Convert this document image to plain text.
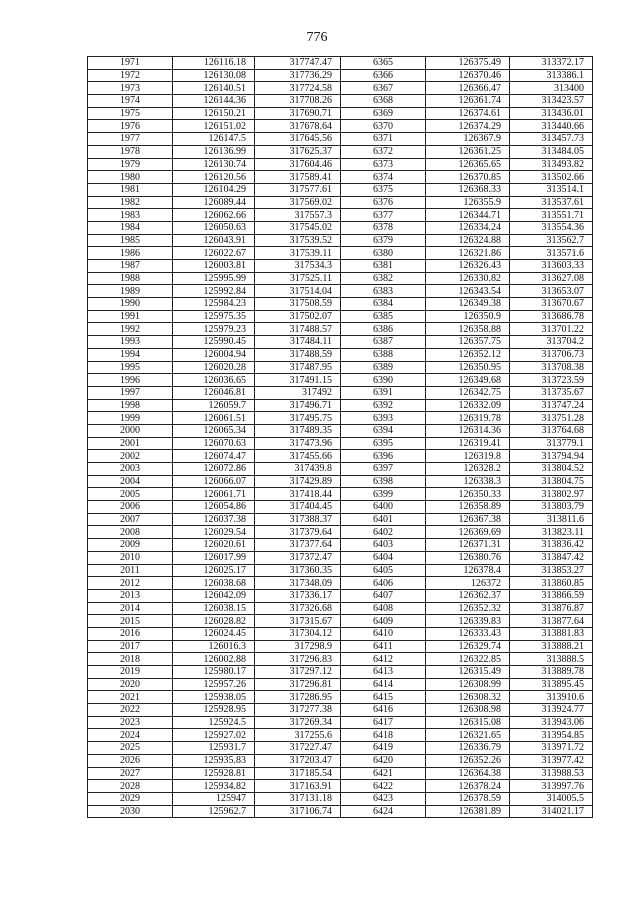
776
1971	126116.18	317747.47	6365	126375.49	313372.17
1972	126130.08	317736.29	6366	126370.46	313386.1
1973	126140.51	317724.58	6367	126366.47	313400
1974	126144.36	317708.26	6368	126361.74	313423.57
1975	126150.21	317690.71	6369	126374.61	313436.01
1976	126151.02	317678.64	6370	126374.29	313440.66
1977	126147.5	317645.56	6371	126367.9	313457.73
1978	126136.99	317625.37	6372	126361.25	313484.05
1979	126130.74	317604.46	6373	126365.65	313493.82
1980	126120.56	317589.41	6374	126370.85	313502.66
1981	126104.29	317577.61	6375	126368.33	313514.1
1982	126089.44	317569.02	6376	126355.9	313537.61
1983	126062.66	317557.3	6377	126344.71	313551.71
1984	126050.63	317545.02	6378	126334.24	313554.36
1985	126043.91	317539.52	6379	126324.88	313562.7
1986	126022.67	317539.11	6380	126321.86	313571.6
1987	126003.81	317534.3	6381	126326.43	313603.33
1988	125995.99	317525.11	6382	126330.82	313627.08
1989	125992.84	317514.04	6383	126343.54	313653.07
1990	125984.23	317508.59	6384	126349.38	313670.67
1991	125975.35	317502.07	6385	126350.9	313686.78
1992	125979.23	317488.57	6386	126358.88	313701.22
1993	125990.45	317484.11	6387	126357.75	313704.2
1994	126004.94	317488.59	6388	126352.12	313706.73
1995	126020.28	317487.95	6389	126350.95	313708.38
1996	126036.65	317491.15	6390	126349.68	313723.59
1997	126046.81	317492	6391	126342.75	313735.67
1998	126059.7	317496.71	6392	126332.09	313747.24
1999	126061.51	317495.75	6393	126319.78	313751.28
2000	126065.34	317489.35	6394	126314.36	313764.68
2001	126070.63	317473.96	6395	126319.41	313779.1
2002	126074.47	317455.66	6396	126319.8	313794.94
2003	126072.86	317439.8	6397	126328.2	313804.52
2004	126066.07	317429.89	6398	126338.3	313804.75
2005	126061.71	317418.44	6399	126350.33	313802.97
2006	126054.86	317404.45	6400	126358.89	313803.79
2007	126037.38	317388.37	6401	126367.38	313811.6
2008	126029.54	317379.64	6402	126369.69	313823.11
2009	126020.61	317377.64	6403	126371.31	313836.42
2010	126017.99	317372.47	6404	126380.76	313847.42
2011	126025.17	317360.35	6405	126378.4	313853.27
2012	126038.68	317348.09	6406	126372	313860.85
2013	126042.09	317336.17	6407	126362.37	313866.59
2014	126038.15	317326.68	6408	126352.32	313876.87
2015	126028.82	317315.67	6409	126339.83	313877.64
2016	126024.45	317304.12	6410	126333.43	313881.83
2017	126016.3	317298.9	6411	126329.74	313888.21
2018	126002.88	317296.83	6412	126322.85	313888.5
2019	125980.17	317297.12	6413	126315.49	313889.78
2020	125957.26	317296.81	6414	126308.99	313895.45
2021	125938.05	317286.95	6415	126308.32	313910.6
2022	125928.95	317277.38	6416	126308.98	313924.77
2023	125924.5	317269.34	6417	126315.08	313943.06
2024	125927.02	317255.6	6418	126321.65	313954.85
2025	125931.7	317227.47	6419	126336.79	313971.72
2026	125935.83	317203.47	6420	126352.26	313977.42
2027	125928.81	317185.54	6421	126364.38	313988.53
2028	125934.82	317163.91	6422	126378.24	313997.76
2029	125947	317131.18	6423	126378.59	314005.5
2030	125962.7	317106.74	6424	126381.89	314021.17
